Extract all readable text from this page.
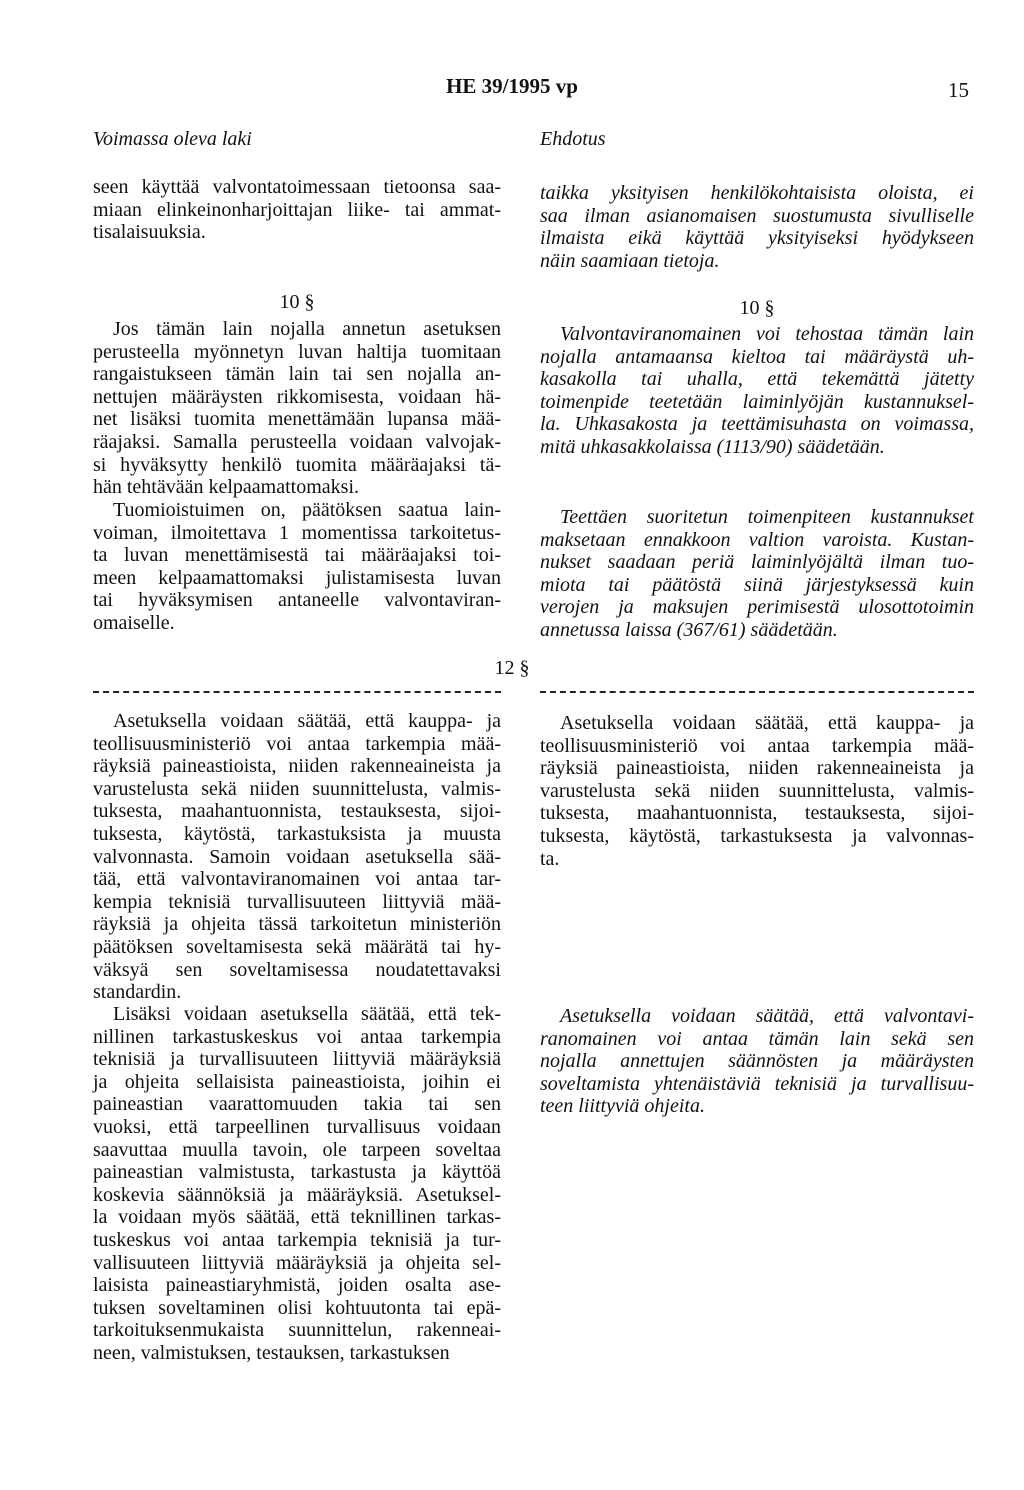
HE 39/1995 vp	15
Voimassa oleva laki	Ehdotus
seen käyttää valvontatoimessaan tietoonsa saa-
miaan elinkeinonharjoittajan liike- tai ammat-
tisalaisuuksia.
10 §
Jos tämän lain nojalla annetun asetuksen
perusteella myönnetyn luvan haltija tuomitaan
rangaistukseen tämän lain tai sen nojalla an-
nettujen määräysten rikkomisesta, voidaan hä-
net lisäksi tuomita menettämään lupansa mää-
räajaksi. Samalla perusteella voidaan valvojak-
si hyväksytty henkilö tuomita määräajaksi tä-
hän tehtävään kelpaamattomaksi.
Tuomioistuimen on, päätöksen saatua lain-
voiman, ilmoitettava 1 momentissa tarkoitetus-
ta luvan menettämisestä tai määräajaksi toi-
meen kelpaamattomaksi julistamisesta luvan
tai hyväksymisen antaneelle valvontaviran-
omaiselle.
Asetuksella voidaan säätää, että kauppa- ja
teollisuusministeriö voi antaa tarkempia mää-
räyksiä paineastioista, niiden rakenneaineista ja
varustelusta sekä niiden suunnittelusta, valmis-
tuksesta, maahantuonnista, testauksesta, sijoi-
tuksesta, käytöstä, tarkastuksista ja muusta
valvonnasta. Samoin voidaan asetuksella sää-
tää, että valvontaviranomainen voi antaa tar-
kempia teknisiä turvallisuuteen liittyviä mää-
räyksiä ja ohjeita tässä tarkoitetun ministeriön
päätöksen soveltamisesta sekä määrätä tai hy-
väksyä sen soveltamisessa noudatettavaksi
standardin.
Lisäksi voidaan asetuksella säätää, että tek-
nillinen tarkastuskeskus voi antaa tarkempia
teknisiä ja turvallisuuteen liittyviä määräyksiä
ja ohjeita sellaisista paineastioista, joihin ei
paineastian vaarattomuuden takia tai sen
vuoksi, että tarpeellinen turvallisuus voidaan
saavuttaa muulla tavoin, ole tarpeen soveltaa
paineastian valmistusta, tarkastusta ja käyttöä
koskevia säännöksiä ja määräyksiä. Asetuksel-
la voidaan myös säätää, että teknillinen tarkas-
tuskeskus voi antaa tarkempia teknisiä ja tur-
vallisuuteen liittyviä määräyksiä ja ohjeita sel-
laisista paineastiaryhmistä, joiden osalta ase-
tuksen soveltaminen olisi kohtuutonta tai epä-
tarkoituksenmukaista suunnittelun, rakenneai-
neen, valmistuksen, testauksen, tarkastuksen
12 §
taikka yksityisen henkilökohtaisista oloista, ei
saa ilman asianomaisen suostumusta sivulliselle
ilmaista eikä käyttää yksityiseksi hyödykseen
näin saamiaan tietoja.
10 §
Valvontaviranomainen voi tehostaa tämän lain
nojalla antamaansa kieltoa tai määräystä uh-
kasakolla tai uhalla, että tekemättä jätetty
toimenpide teetetään laiminlyöjän kustannuksel-
la. Uhkasakosta ja teettämisuhasta on voimassa,
mitä uhkasakkolaissa (1113/90) säädetään.
Teettäen suoritetun toimenpiteen kustannukset
maksetaan ennakkoon valtion varoista. Kustan-
nukset saadaan periä laiminlyöjältä ilman tuo-
miota tai päätöstä siinä järjestyksessä kuin
verojen ja maksujen perimisestä ulosottotoimin
annetussa laissa (367/61) säädetään.
Asetuksella voidaan säätää, että kauppa- ja
teollisuusministeriö voi antaa tarkempia mää-
räyksiä paineastioista, niiden rakenneaineista ja
varustelusta sekä niiden suunnittelusta, valmis-
tuksesta, maahantuonnista, testauksesta, sijoi-
tuksesta, käytöstä, tarkastuksesta ja valvonnas-
ta.
Asetuksella voidaan säätää, että valvontavi-
ranomainen voi antaa tämän lain sekä sen
nojalla annettujen säännösten ja määräysten
soveltamista yhtenäistäviä teknisiä ja turvallisuu-
teen liittyviä ohjeita.
